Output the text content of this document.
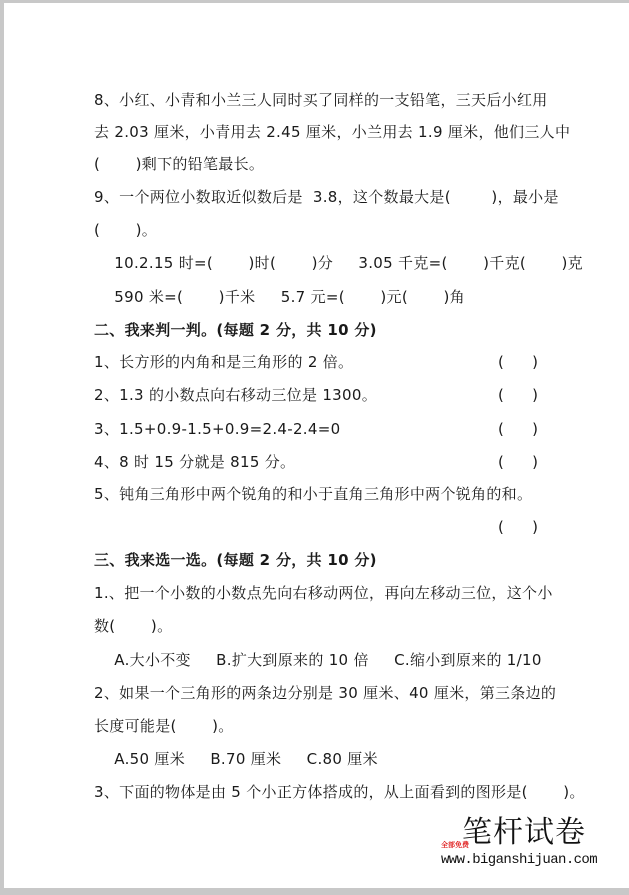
8、小红、小青和小兰三人同时买了同样的一支铅笔，三天后小红用
去 2.03 厘米，小青用去 2.45 厘米，小兰用去 1.9 厘米，他们三人中
(       )剩下的铅笔最长。
9、一个两位小数取近似数后是  3.8，这个数最大是(        )，最小是
(       )。
10.2.15 时=(       )时(       )分     3.05 千克=(       )千克(       )克
590 米=(       )千米     5.7 元=(       )元(       )角
二、我来判一判。(每题 2 分，共 10 分)
1、长方形的内角和是三角形的 2 倍。	( )
2、1.3 的小数点向右移动三位是 1300。	( )
3、1.5+0.9-1.5+0.9=2.4-2.4=0	( )
4、8 时 15 分就是 815 分。	( )
5、钝角三角形中两个锐角的和小于直角三角形中两个锐角的和。
( )
三、我来选一选。(每题 2 分，共 10 分)
1.、把一个小数的小数点先向右移动两位，再向左移动三位，这个小
数(       )。
A.大小不变     B.扩大到原来的 10 倍     C.缩小到原来的 1/10
2、如果一个三角形的两条边分别是 30 厘米、40 厘米，第三条边的
长度可能是(       )。
A.50 厘米     B.70 厘米     C.80 厘米
3、下面的物体是由 5 个小正方体搭成的，从上面看到的图形是(       )。
笔杆试卷
全部免费
www.biganshijuan.com
